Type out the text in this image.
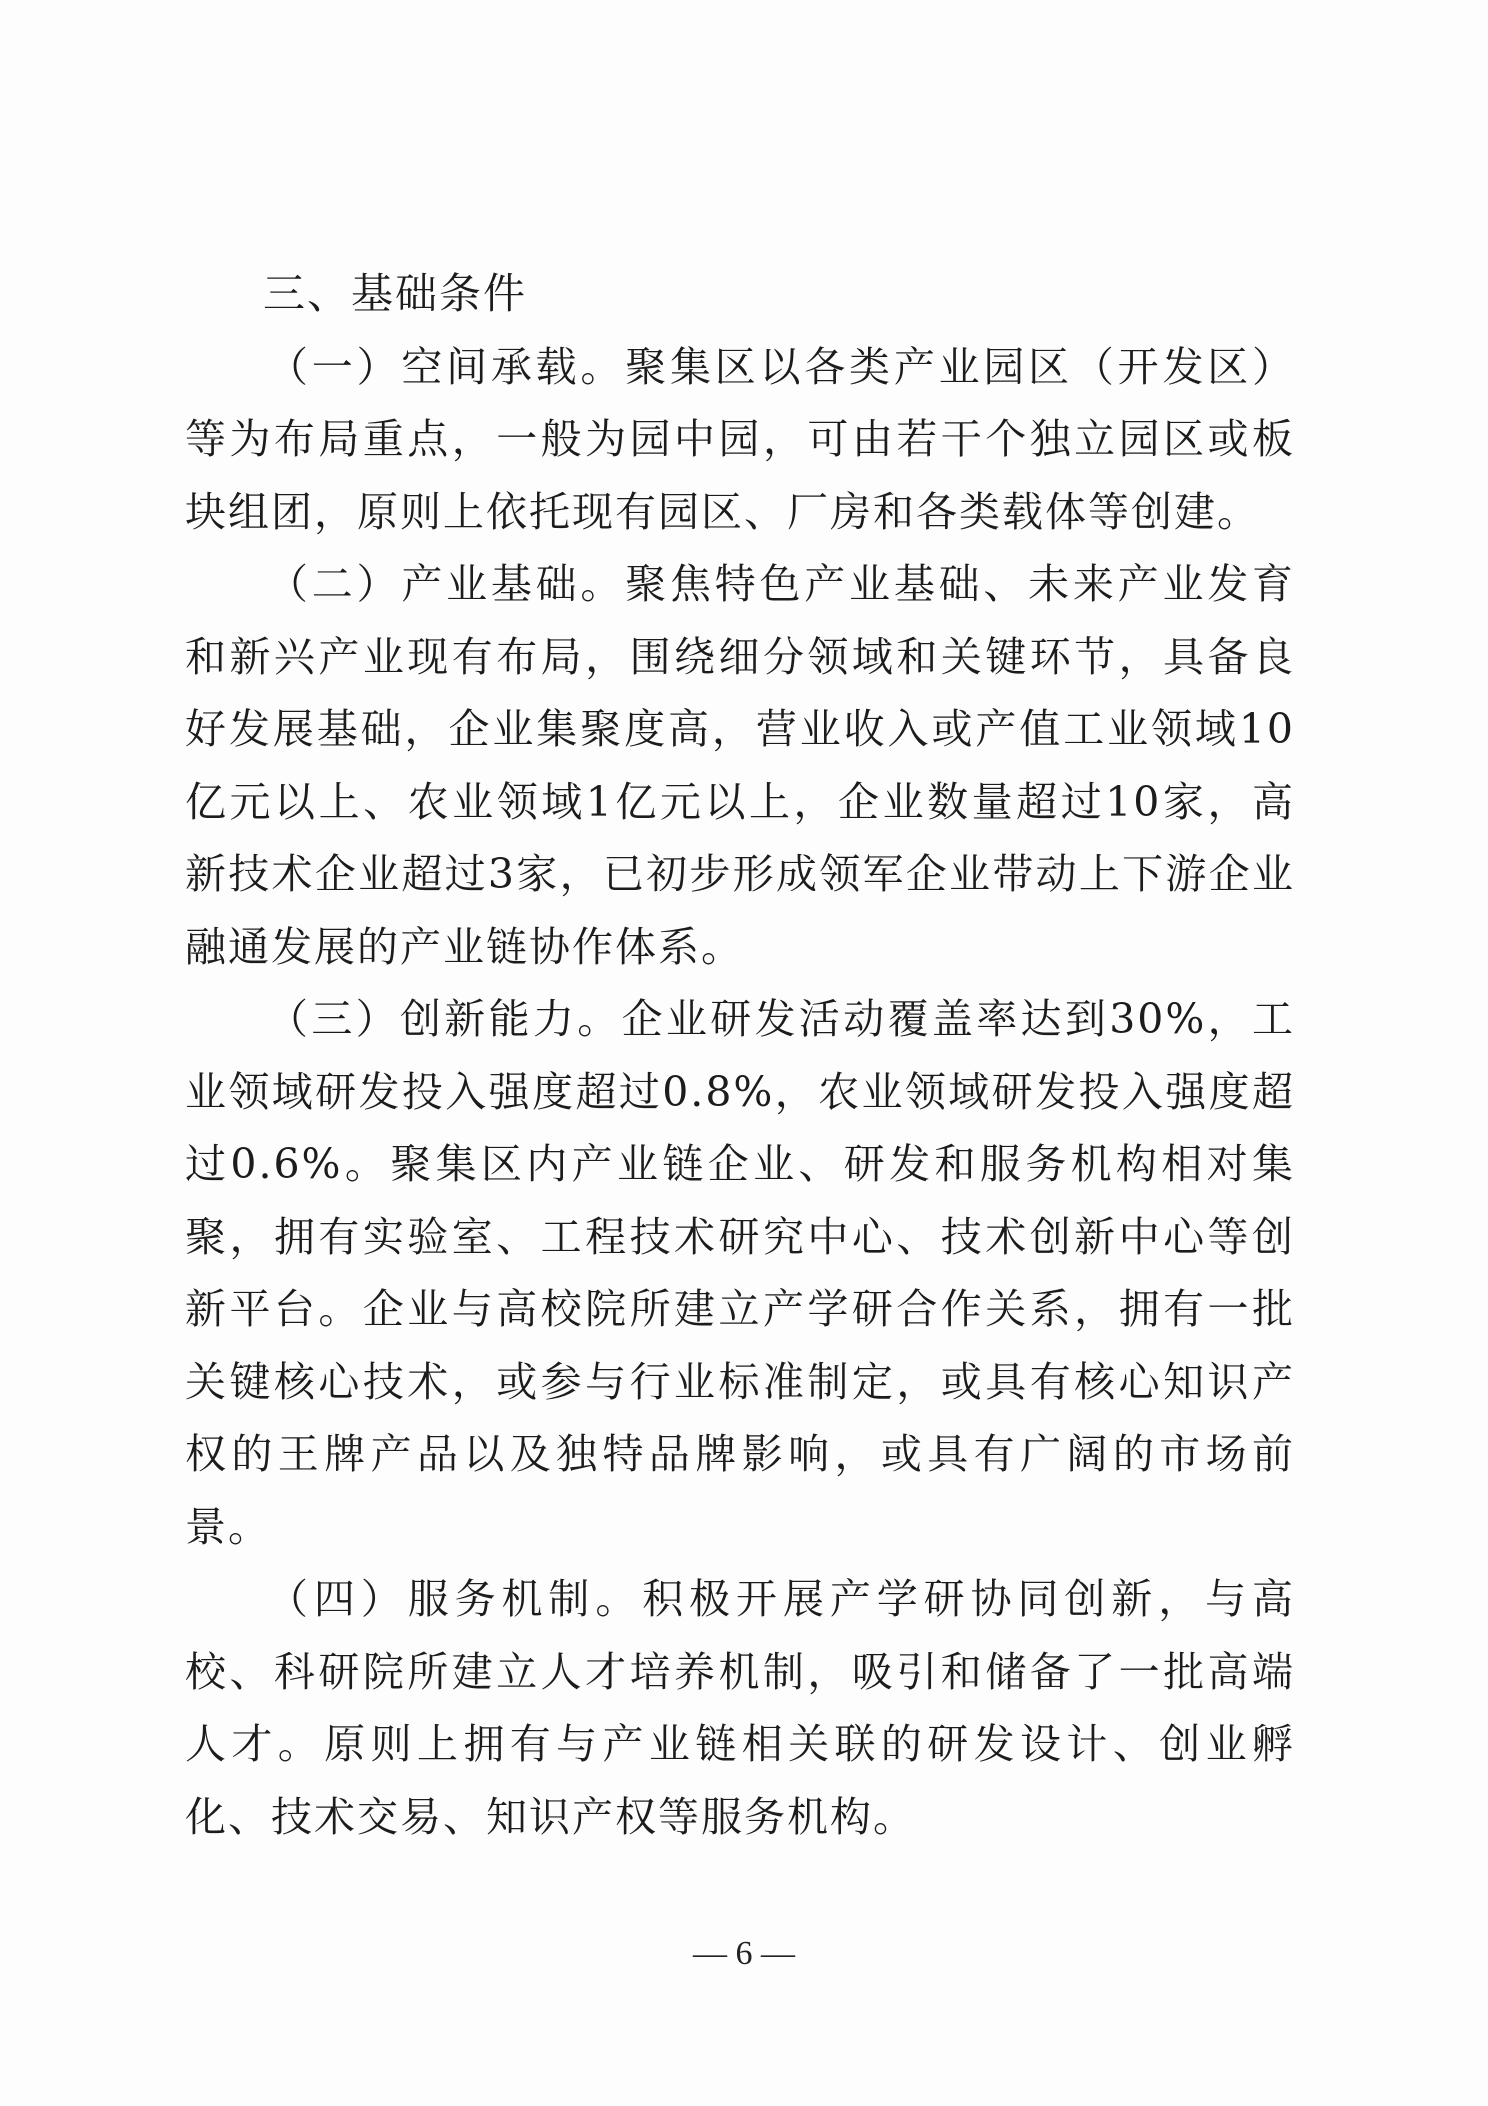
三、基础条件

（一）空间承载。聚集区以各类产业园区（开发区）等为布局重点，一般为园中园，可由若干个独立园区或板块组团，原则上依托现有园区、厂房和各类载体等创建。

（二）产业基础。聚焦特色产业基础、未来产业发育和新兴产业现有布局，围绕细分领域和关键环节，具备良好发展基础，企业集聚度高，营业收入或产值工业领域10亿元以上、农业领域1亿元以上，企业数量超过10家，高新技术企业超过3家，已初步形成领军企业带动上下游企业融通发展的产业链协作体系。

（三）创新能力。企业研发活动覆盖率达到30%，工业领域研发投入强度超过0.8%，农业领域研发投入强度超过0.6%。聚集区内产业链企业、研发和服务机构相对集聚，拥有实验室、工程技术研究中心、技术创新中心等创新平台。企业与高校院所建立产学研合作关系，拥有一批关键核心技术，或参与行业标准制定，或具有核心知识产权的王牌产品以及独特品牌影响，或具有广阔的市场前景。

（四）服务机制。积极开展产学研协同创新，与高校、科研院所建立人才培养机制，吸引和储备了一批高端人才。原则上拥有与产业链相关联的研发设计、创业孵化、技术交易、知识产权等服务机构。

— 6 —
